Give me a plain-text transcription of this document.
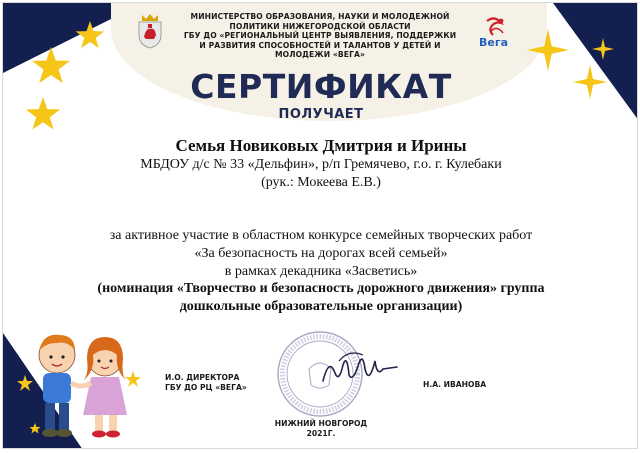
МИНИСТЕРСТВО ОБРАЗОВАНИЯ, НАУКИ И МОЛОДЕЖНОЙ
ПОЛИТИКИ НИЖЕГОРОДСКОЙ ОБЛАСТИ
ГБУ ДО «РЕГИОНАЛЬНЫЙ ЦЕНТР ВЫЯВЛЕНИЯ, ПОДДЕРЖКИ
И РАЗВИТИЯ СПОСОБНОСТЕЙ И ТАЛАНТОВ У ДЕТЕЙ И
МОЛОДЕЖИ «ВЕГА»
Вега
СЕРТИФИКАТ
ПОЛУЧАЕТ
Семья Новиковых Дмитрия и Ирины
МБДОУ д/с № 33 «Дельфин», р/п Гремячево, г.о. г. Кулебаки
(рук.: Мокеева Е.В.)
за активное участие в областном конкурсе семейных творческих работ
«За безопасность на дорогах всей семьей»
в рамках декадника «Засветись»
(номинация «Творчество и безопасность дорожного движения» группа
дошкольные образовательные организации)
И.О. ДИРЕКТОРА
ГБУ ДО РЦ «ВЕГА»	Н.А. ИВАНОВА
НИЖНИЙ НОВГОРОД
2021Г.
